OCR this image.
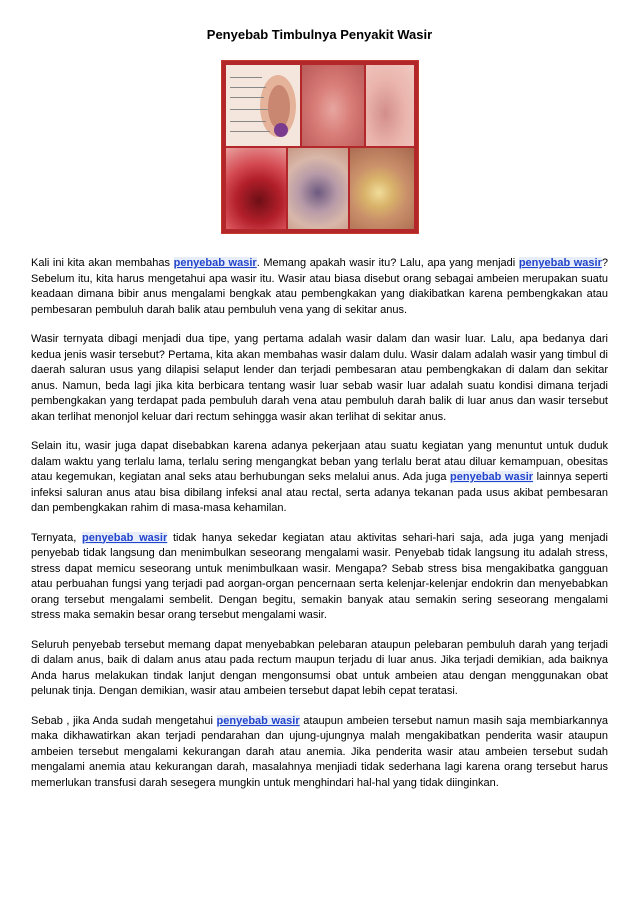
Penyebab Timbulnya Penyakit Wasir

Kali ini kita akan membahas penyebab wasir. Memang apakah wasir itu? Lalu, apa yang menjadi penyebab wasir? Sebelum itu, kita harus mengetahui apa wasir itu. Wasir atau biasa disebut orang sebagai ambeien merupakan suatu keadaan dimana bibir anus mengalami bengkak atau pembengkakan yang diakibatkan karena pembengkakan atau pembesaran pembuluh darah balik atau pembuluh vena yang di sekitar anus.

Wasir ternyata dibagi menjadi dua tipe, yang pertama adalah wasir dalam dan wasir luar. Lalu, apa bedanya dari kedua jenis wasir tersebut? Pertama, kita akan membahas wasir dalam dulu. Wasir dalam adalah wasir yang timbul di daerah saluran usus yang dilapisi selaput lender dan terjadi pembesaran atau pembengkakan di dalam dan sekitar anus. Namun, beda lagi jika kita berbicara tentang wasir luar sebab wasir luar adalah suatu kondisi dimana terjadi pembengkakan yang terdapat pada pembuluh darah vena atau pembuluh darah balik di luar anus dan wasir tersebut akan terlihat menonjol keluar dari rectum sehingga wasir akan terlihat di sekitar anus.

Selain itu, wasir juga dapat disebabkan karena adanya pekerjaan atau suatu kegiatan yang menuntut untuk duduk dalam waktu yang terlalu lama, terlalu sering mengangkat beban yang terlalu berat atau diluar kemampuan, obesitas atau kegemukan, kegiatan anal seks atau berhubungan seks melalui anus. Ada juga penyebab wasir lainnya seperti infeksi saluran anus atau bisa dibilang infeksi anal atau rectal, serta adanya tekanan pada usus akibat pembesaran dan pembengkakan rahim di masa-masa kehamilan.

Ternyata, penyebab wasir tidak hanya sekedar kegiatan atau aktivitas sehari-hari saja, ada juga yang menjadi penyebab tidak langsung dan menimbulkan seseorang mengalami wasir. Penyebab tidak langsung itu adalah stress, stress dapat memicu seseorang untuk menimbulkaan wasir. Mengapa? Sebab stress bisa mengakibatka gangguan atau perbuahan fungsi yang terjadi pad aorgan-organ pencernaan serta kelenjar-kelenjar endokrin dan menyebabkan orang tersebut mengalami sembelit. Dengan begitu, semakin banyak atau semakin sering seseorang mengalami stress maka semakin besar orang tersebut mengalami wasir.

Seluruh penyebab tersebut memang dapat menyebabkan pelebaran ataupun pelebaran pembuluh darah yang terjadi di dalam anus, baik di dalam anus atau pada rectum maupun terjadu di luar anus. Jika terjadi demikian, ada baiknya Anda harus melakukan tindak lanjut dengan mengonsumsi obat untuk ambeien atau dengan menggunakan obat pelunak tinja. Dengan demikian, wasir atau ambeien tersebut dapat lebih cepat teratasi.

Sebab , jika Anda sudah mengetahui penyebab wasir ataupun ambeien tersebut namun masih saja membiarkannya maka dikhawatirkan akan terjadi pendarahan dan ujung-ujungnya malah mengakibatkan penderita wasir ataupun ambeien tersebut mengalami kekurangan darah atau anemia. Jika penderita wasir atau ambeien tersebut sudah mengalami anemia atau kekurangan darah, masalahnya menjiadi tidak sederhana lagi karena orang tersebut harus memerlukan transfusi darah sesegera mungkin untuk menghindari hal-hal yang tidak diinginkan.
